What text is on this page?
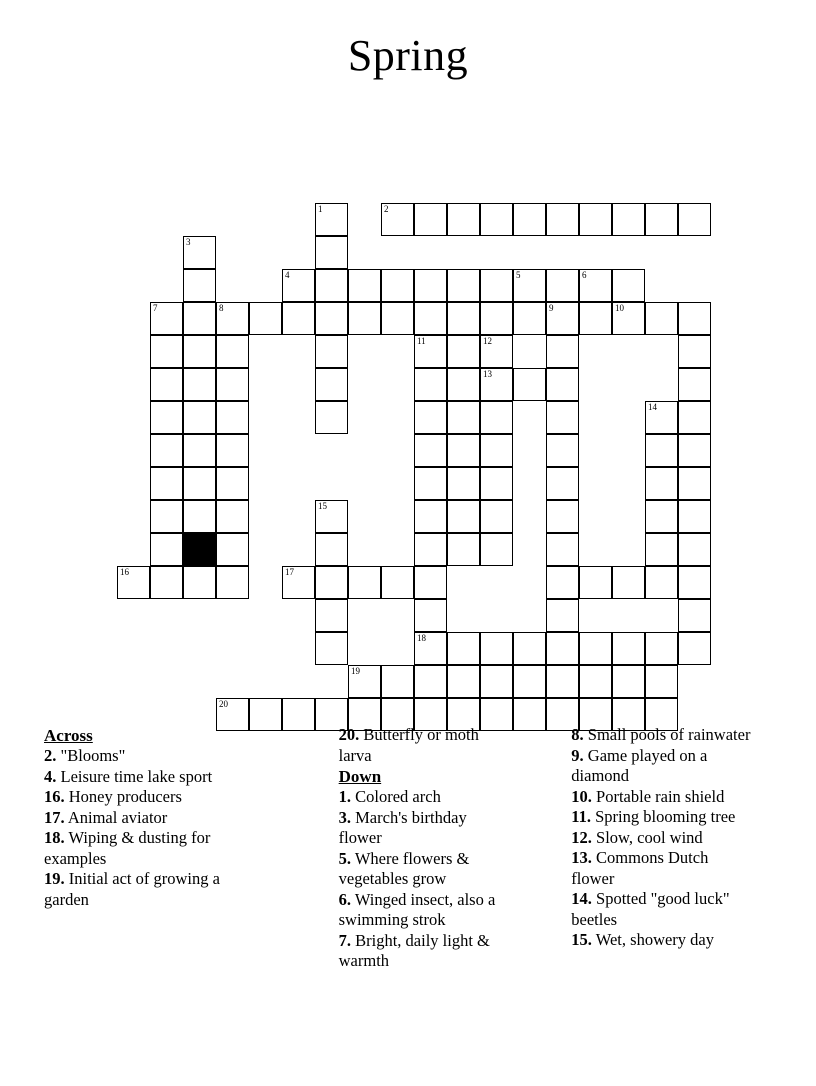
Spring
1	2
3
4	5	6
7	8	9	10
11	12
13
14
15
16	17
18
19
20
Across
2. "Blooms"
4. Leisure time lake sport
16. Honey producers
17. Animal aviator
18. Wiping & dusting for examples
19. Initial act of growing a garden
20. Butterfly or moth larva
Down
1. Colored arch
3. March's birthday flower
5. Where flowers & vegetables grow
6. Winged insect, also a swimming strok
7. Bright, daily light & warmth
8. Small pools of rainwater
9. Game played on a diamond
10. Portable rain shield
11. Spring blooming tree
12. Slow, cool wind
13. Commons Dutch flower
14. Spotted "good luck" beetles
15. Wet, showery day
